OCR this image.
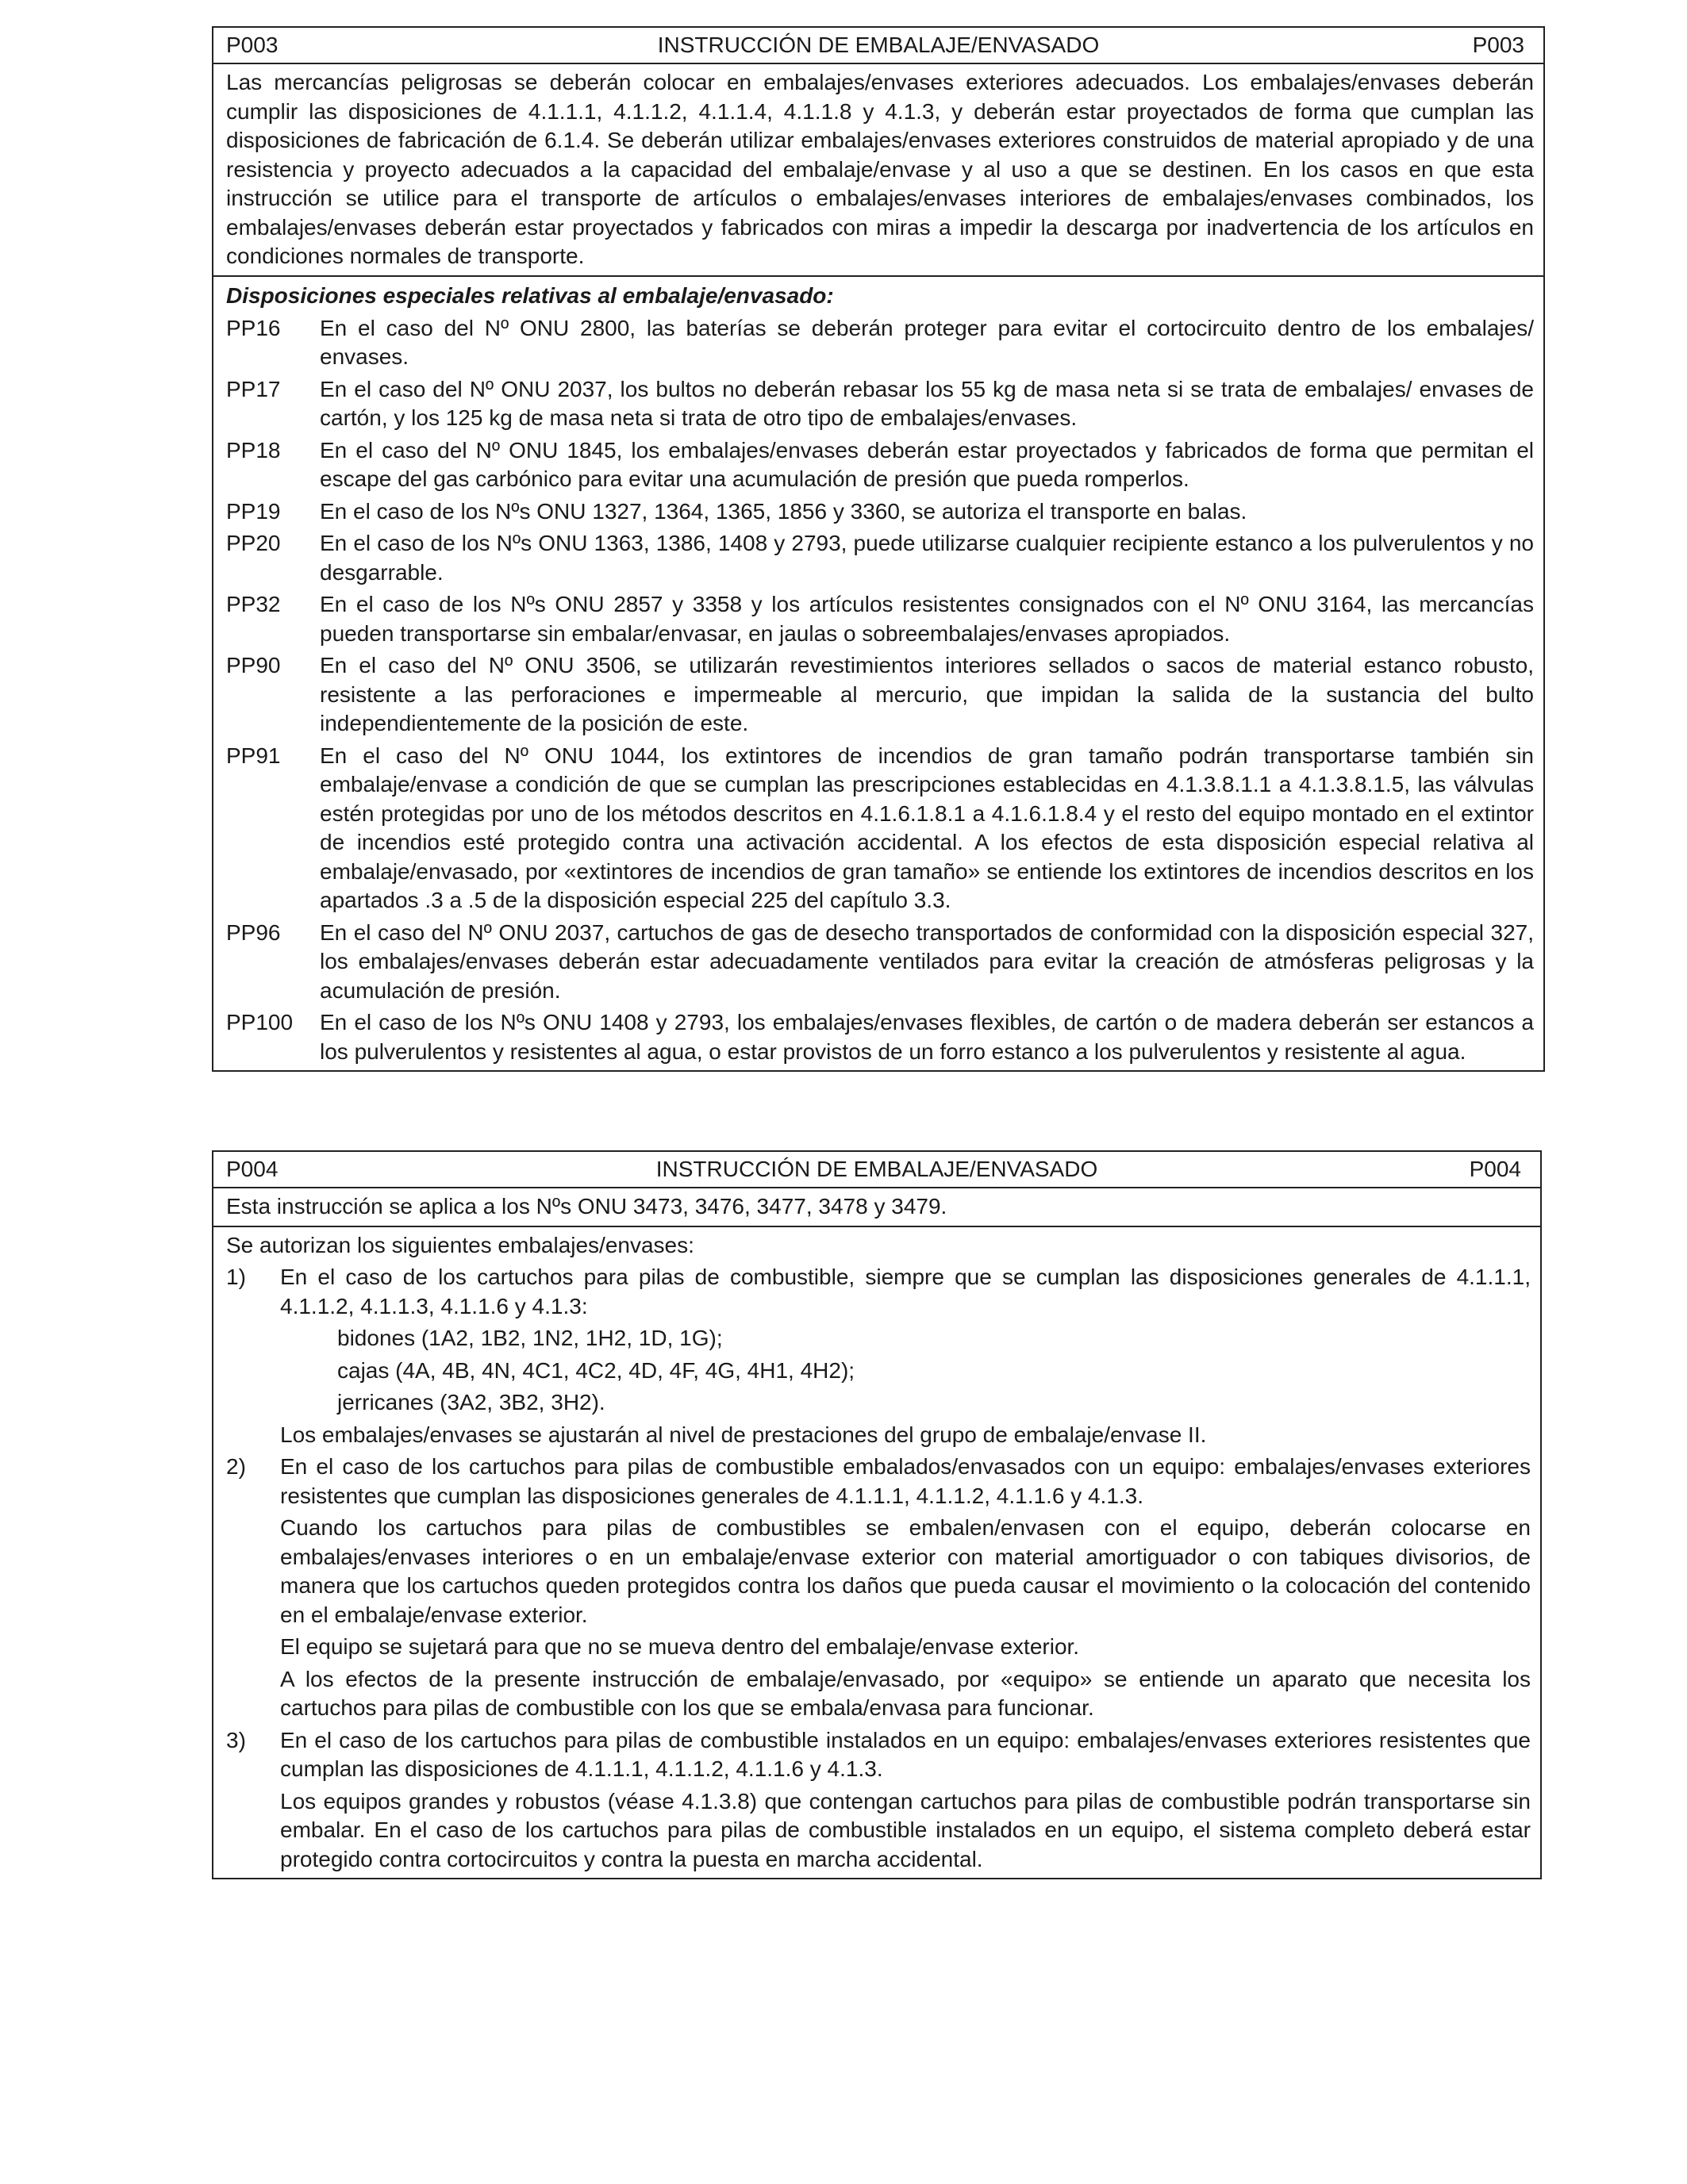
P003	INSTRUCCIÓN DE EMBALAJE/ENVASADO	P003

Las mercancías peligrosas se deberán colocar en embalajes/envases exteriores adecuados. Los embalajes/envases deberán cumplir las disposiciones de 4.1.1.1, 4.1.1.2, 4.1.1.4, 4.1.1.8 y 4.1.3, y deberán estar proyectados de forma que cumplan las disposiciones de fabricación de 6.1.4. Se deberán utilizar embalajes/envases exteriores construidos de material apropiado y de una resistencia y proyecto adecuados a la capacidad del embalaje/envase y al uso a que se destinen. En los casos en que esta instrucción se utilice para el transporte de artículos o embalajes/envases interiores de embalajes/envases combinados, los embalajes/envases deberán estar proyectados y fabricados con miras a impedir la descarga por inadvertencia de los artículos en condiciones normales de transporte.

Disposiciones especiales relativas al embalaje/envasado:
PP16	En el caso del Nº ONU 2800, las baterías se deberán proteger para evitar el cortocircuito dentro de los embalajes/ envases.
PP17	En el caso del Nº ONU 2037, los bultos no deberán rebasar los 55 kg de masa neta si se trata de embalajes/ envases de cartón, y los 125 kg de masa neta si trata de otro tipo de embalajes/envases.
PP18	En el caso del Nº ONU 1845, los embalajes/envases deberán estar proyectados y fabricados de forma que permitan el escape del gas carbónico para evitar una acumulación de presión que pueda romperlos.
PP19	En el caso de los Nºs ONU 1327, 1364, 1365, 1856 y 3360, se autoriza el transporte en balas.
PP20	En el caso de los Nºs ONU 1363, 1386, 1408 y 2793, puede utilizarse cualquier recipiente estanco a los pulverulentos y no desgarrable.
PP32	En el caso de los Nºs ONU 2857 y 3358 y los artículos resistentes consignados con el Nº ONU 3164, las mercancías pueden transportarse sin embalar/envasar, en jaulas o sobreembalajes/envases apropiados.
PP90	En el caso del Nº ONU 3506, se utilizarán revestimientos interiores sellados o sacos de material estanco robusto, resistente a las perforaciones e impermeable al mercurio, que impidan la salida de la sustancia del bulto independientemente de la posición de este.
PP91	En el caso del Nº ONU 1044, los extintores de incendios de gran tamaño podrán transportarse también sin embalaje/envase a condición de que se cumplan las prescripciones establecidas en 4.1.3.8.1.1 a 4.1.3.8.1.5, las válvulas estén protegidas por uno de los métodos descritos en 4.1.6.1.8.1 a 4.1.6.1.8.4 y el resto del equipo montado en el extintor de incendios esté protegido contra una activación accidental. A los efectos de esta disposición especial relativa al embalaje/envasado, por «extintores de incendios de gran tamaño» se entiende los extintores de incendios descritos en los apartados .3 a .5 de la disposición especial 225 del capítulo 3.3.
PP96	En el caso del Nº ONU 2037, cartuchos de gas de desecho transportados de conformidad con la disposición especial 327, los embalajes/envases deberán estar adecuadamente ventilados para evitar la creación de atmósferas peligrosas y la acumulación de presión.
PP100	En el caso de los Nºs ONU 1408 y 2793, los embalajes/envases flexibles, de cartón o de madera deberán ser estancos a los pulverulentos y resistentes al agua, o estar provistos de un forro estanco a los pulverulentos y resistente al agua.
P004	INSTRUCCIÓN DE EMBALAJE/ENVASADO	P004

Esta instrucción se aplica a los Nºs ONU 3473, 3476, 3477, 3478 y 3479.

Se autorizan los siguientes embalajes/envases:

1)	En el caso de los cartuchos para pilas de combustible, siempre que se cumplan las disposiciones generales de 4.1.1.1, 4.1.1.2, 4.1.1.3, 4.1.1.6 y 4.1.3:

bidones (1A2, 1B2, 1N2, 1H2, 1D, 1G);

cajas (4A, 4B, 4N, 4C1, 4C2, 4D, 4F, 4G, 4H1, 4H2);

jerricanes (3A2, 3B2, 3H2).

Los embalajes/envases se ajustarán al nivel de prestaciones del grupo de embalaje/envase II.

2)	En el caso de los cartuchos para pilas de combustible embalados/envasados con un equipo: embalajes/envases exteriores resistentes que cumplan las disposiciones generales de 4.1.1.1, 4.1.1.2, 4.1.1.6 y 4.1.3.

Cuando los cartuchos para pilas de combustibles se embalen/envasen con el equipo, deberán colocarse en embalajes/envases interiores o en un embalaje/envase exterior con material amortiguador o con tabiques divisorios, de manera que los cartuchos queden protegidos contra los daños que pueda causar el movimiento o la colocación del contenido en el embalaje/envase exterior.

El equipo se sujetará para que no se mueva dentro del embalaje/envase exterior.

A los efectos de la presente instrucción de embalaje/envasado, por «equipo» se entiende un aparato que necesita los cartuchos para pilas de combustible con los que se embala/envasa para funcionar.

3)	En el caso de los cartuchos para pilas de combustible instalados en un equipo: embalajes/envases exteriores resistentes que cumplan las disposiciones de 4.1.1.1, 4.1.1.2, 4.1.1.6 y 4.1.3.

Los equipos grandes y robustos (véase 4.1.3.8) que contengan cartuchos para pilas de combustible podrán transportarse sin embalar. En el caso de los cartuchos para pilas de combustible instalados en un equipo, el sistema completo deberá estar protegido contra cortocircuitos y contra la puesta en marcha accidental.
